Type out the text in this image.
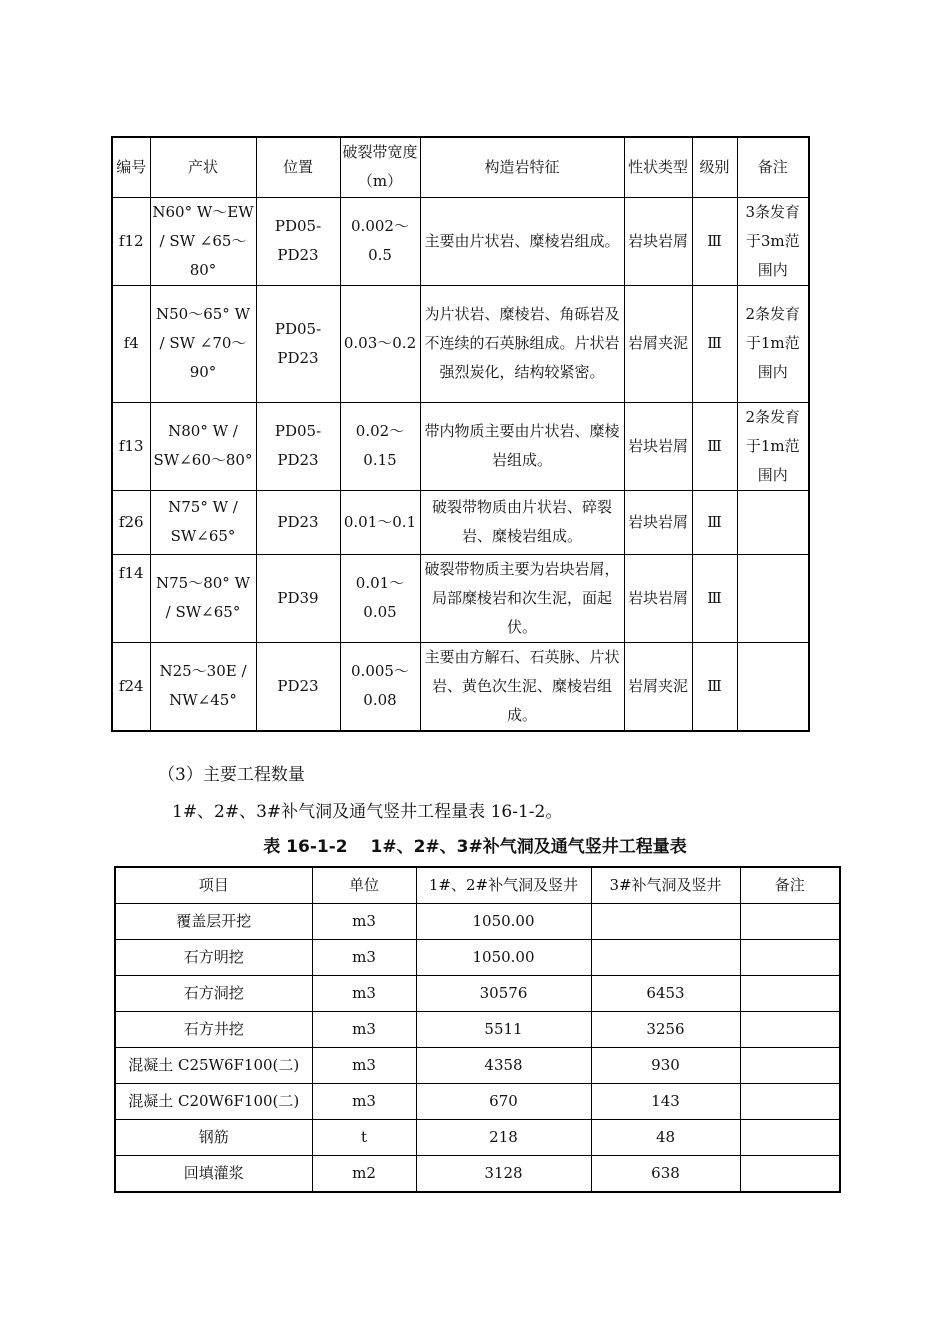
编号	产状	位置	破裂带宽度（m）	构造岩特征	性状类型	级别	备注
f12	N60° W～EW / SW ∠65～80°	PD05-PD23	0.002～0.5	主要由片状岩、糜棱岩组成。	岩块岩屑	Ⅲ	3条发育于3m范围内
f4	N50～65° W / SW ∠70～90°	PD05-PD23	0.03～0.2	为片状岩、糜棱岩、角砾岩及不连续的石英脉组成。片状岩强烈炭化，结构较紧密。	岩屑夹泥	Ⅲ	2条发育于1m范围内
f13	N80° W / SW∠60～80°	PD05-PD23	0.02～0.15	带内物质主要由片状岩、糜棱岩组成。	岩块岩屑	Ⅲ	2条发育于1m范围内
f26	N75° W / SW∠65°	PD23	0.01～0.1	破裂带物质由片状岩、碎裂岩、糜棱岩组成。	岩块岩屑	Ⅲ	
f14	N75～80° W / SW∠65°	PD39	0.01～0.05	破裂带物质主要为岩块岩屑，局部糜棱岩和次生泥，面起伏。	岩块岩屑	Ⅲ	
f24	N25～30E / NW∠45°	PD23	0.005～0.08	主要由方解石、石英脉、片状岩、黄色次生泥、糜棱岩组成。	岩屑夹泥	Ⅲ	
（3）主要工程数量
1#、2#、3#补气洞及通气竖井工程量表 16-1-2。
表 16-1-2　 1#、2#、3#补气洞及通气竖井工程量表
项目	单位	1#、2#补气洞及竖井	3#补气洞及竖井	备注
覆盖层开挖	m3	1050.00		
石方明挖	m3	1050.00		
石方洞挖	m3	30576	6453	
石方井挖	m3	5511	3256	
混凝土 C25W6F100(二)	m3	4358	930	
混凝土 C20W6F100(二)	m3	670	143	
钢筋	t	218	48	
回填灌浆	m2	3128	638	
